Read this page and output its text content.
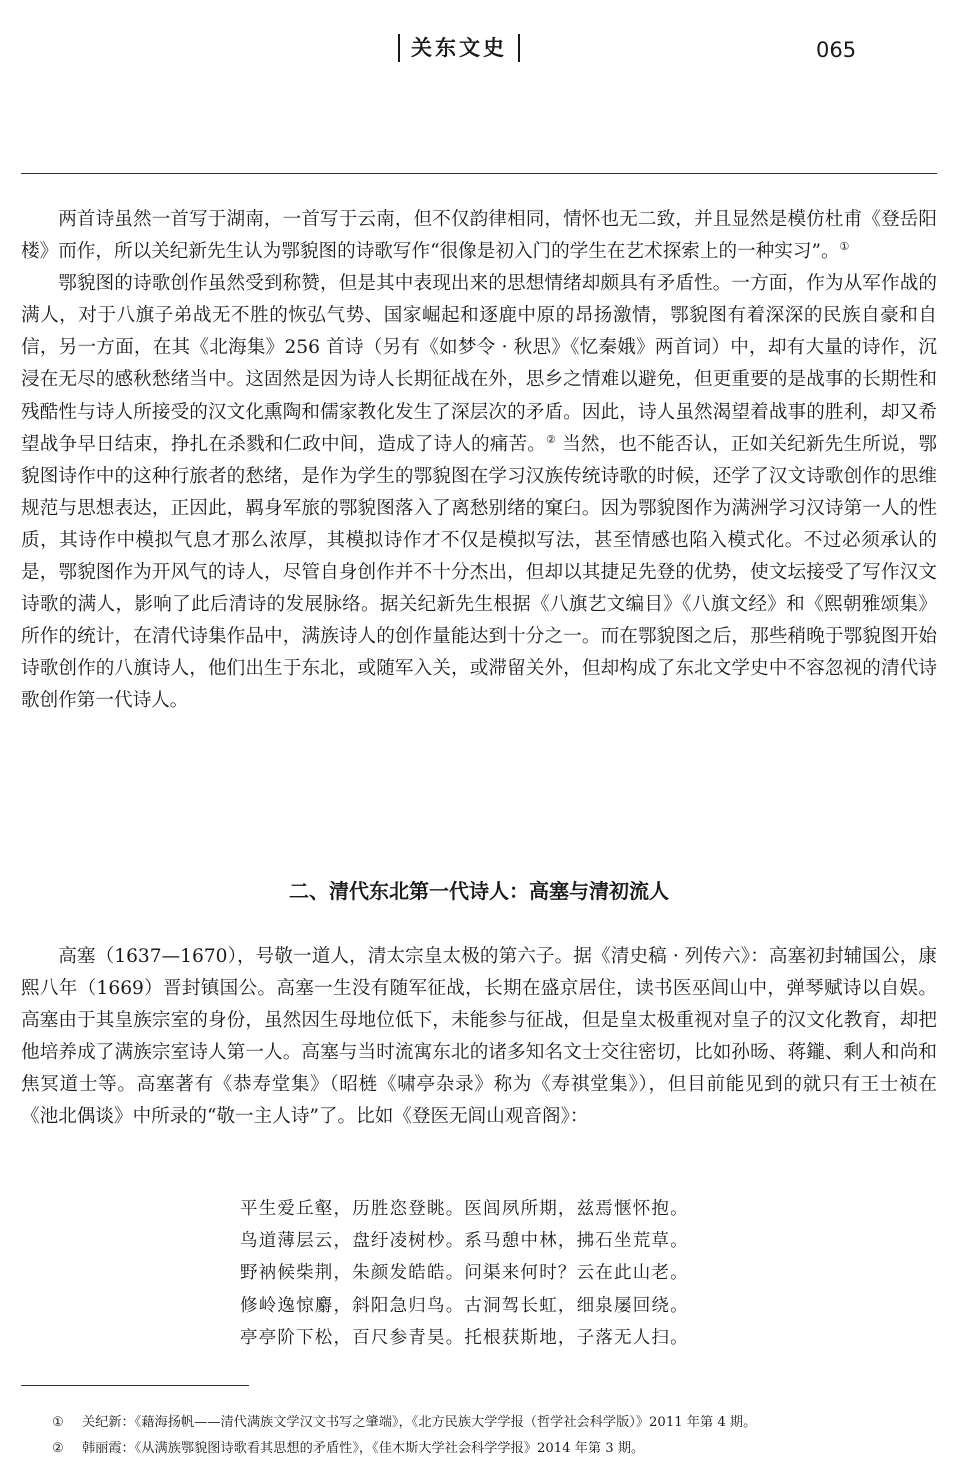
关东文史	065

两首诗虽然一首写于湖南，一首写于云南，但不仅韵律相同，情怀也无二致，并且显然是模仿杜甫《登岳阳楼》而作，所以关纪新先生认为鄂貌图的诗歌写作“很像是初入门的学生在艺术探索上的一种实习”。①

鄂貌图的诗歌创作虽然受到称赞，但是其中表现出来的思想情绪却颇具有矛盾性。一方面，作为从军作战的满人，对于八旗子弟战无不胜的恢弘气势、国家崛起和逐鹿中原的昂扬激情，鄂貌图有着深深的民族自豪和自信，另一方面，在其《北海集》256 首诗（另有《如梦令 · 秋思》《忆秦娥》两首词）中，却有大量的诗作，沉浸在无尽的感秋愁绪当中。这固然是因为诗人长期征战在外，思乡之情难以避免，但更重要的是战事的长期性和残酷性与诗人所接受的汉文化熏陶和儒家教化发生了深层次的矛盾。因此，诗人虽然渴望着战事的胜利，却又希望战争早日结束，挣扎在杀戮和仁政中间，造成了诗人的痛苦。② 当然，也不能否认，正如关纪新先生所说，鄂貌图诗作中的这种行旅者的愁绪，是作为学生的鄂貌图在学习汉族传统诗歌的时候，还学了汉文诗歌创作的思维规范与思想表达，正因此，羁身军旅的鄂貌图落入了离愁别绪的窠臼。因为鄂貌图作为满洲学习汉诗第一人的性质，其诗作中模拟气息才那么浓厚，其模拟诗作才不仅是模拟写法，甚至情感也陷入模式化。不过必须承认的是，鄂貌图作为开风气的诗人，尽管自身创作并不十分杰出，但却以其捷足先登的优势，使文坛接受了写作汉文诗歌的满人，影响了此后清诗的发展脉络。据关纪新先生根据《八旗艺文编目》《八旗文经》和《熙朝雅颂集》所作的统计，在清代诗集作品中，满族诗人的创作量能达到十分之一。而在鄂貌图之后，那些稍晚于鄂貌图开始诗歌创作的八旗诗人，他们出生于东北，或随军入关，或滞留关外，但却构成了东北文学史中不容忽视的清代诗歌创作第一代诗人。

二、清代东北第一代诗人：高塞与清初流人

高塞（1637—1670），号敬一道人，清太宗皇太极的第六子。据《清史稿 · 列传六》：高塞初封辅国公，康熙八年（1669）晋封镇国公。高塞一生没有随军征战，长期在盛京居住，读书医巫闾山中，弹琴赋诗以自娱。高塞由于其皇族宗室的身份，虽然因生母地位低下，未能参与征战，但是皇太极重视对皇子的汉文化教育，却把他培养成了满族宗室诗人第一人。高塞与当时流寓东北的诸多知名文士交往密切，比如孙旸、蒋鑨、剩人和尚和焦冥道士等。高塞著有《恭寿堂集》（昭梿《啸亭杂录》称为《寿祺堂集》），但目前能见到的就只有王士祯在《池北偶谈》中所录的“敬一主人诗”了。比如《登医无闾山观音阁》：

平生爱丘壑，历胜恣登眺。医闾夙所期，兹焉惬怀抱。
鸟道薄层云，盘纡凌树杪。系马憩中林，拂石坐荒草。
野衲候柴荆，朱颜发皓皓。问渠来何时？云在此山老。
修岭逸惊麝，斜阳急归鸟。古洞驾长虹，细泉屡回绕。
亭亭阶下松，百尺参青昊。托根获斯地，子落无人扫。
① 关纪新：《藉海扬帆——清代满族文学汉文书写之肇端》，《北方民族大学学报（哲学社会科学版）》2011 年第 4 期。
② 韩丽霞：《从满族鄂貌图诗歌看其思想的矛盾性》，《佳木斯大学社会科学学报》2014 年第 3 期。
